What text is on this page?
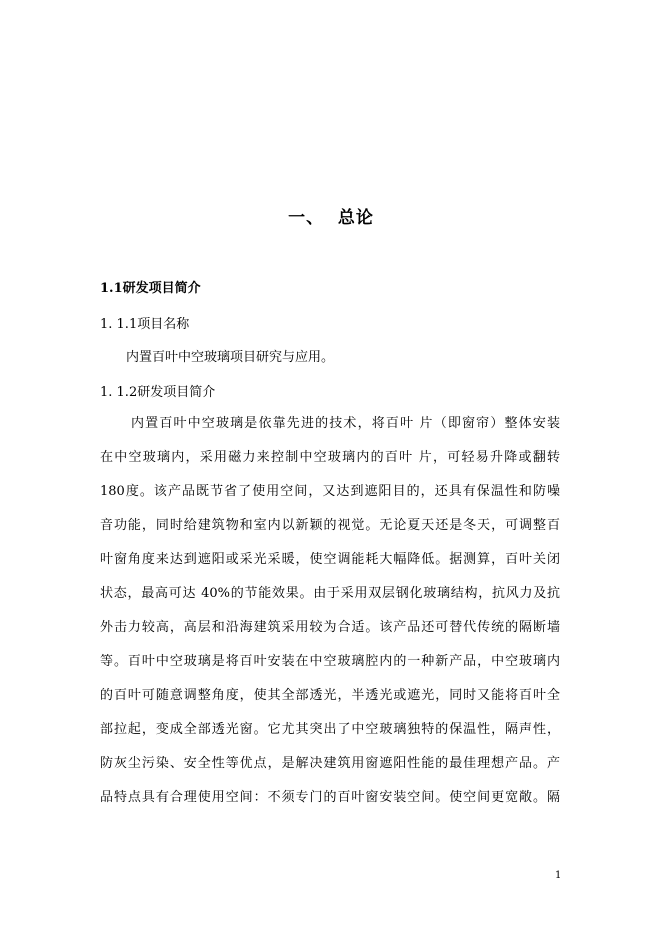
一、  总论
1.1研发项目简介
1. 1.1项目名称
内置百叶中空玻璃项目研究与应用。
1. 1.2研发项目简介
内置百叶中空玻璃是依靠先进的技术，将百叶 片（即窗帘）整体安装
在中空玻璃内，采用磁力来控制中空玻璃内的百叶 片，可轻易升降或翻转
180度。该产品既节省了使用空间，又达到遮阳目的，还具有保温性和防噪
音功能，同时给建筑物和室内以新颖的视觉。无论夏天还是冬天，可调整百
叶窗角度来达到遮阳或采光采暖，使空调能耗大幅降低。据测算，百叶关闭
状态，最高可达 40%的节能效果。由于采用双层钢化玻璃结构，抗风力及抗
外击力较高，高层和沿海建筑采用较为合适。该产品还可替代传统的隔断墙
等。百叶中空玻璃是将百叶安装在中空玻璃腔内的一种新产品，中空玻璃内
的百叶可随意调整角度，使其全部透光，半透光或遮光，同时又能将百叶全
部拉起，变成全部透光窗。它尤其突出了中空玻璃独特的保温性，隔声性，
防灰尘污染、安全性等优点，是解决建筑用窗遮阳性能的最佳理想产品。产
品特点具有合理使用空间：不须专门的百叶窗安装空间。使空间更宽敞。隔
1
